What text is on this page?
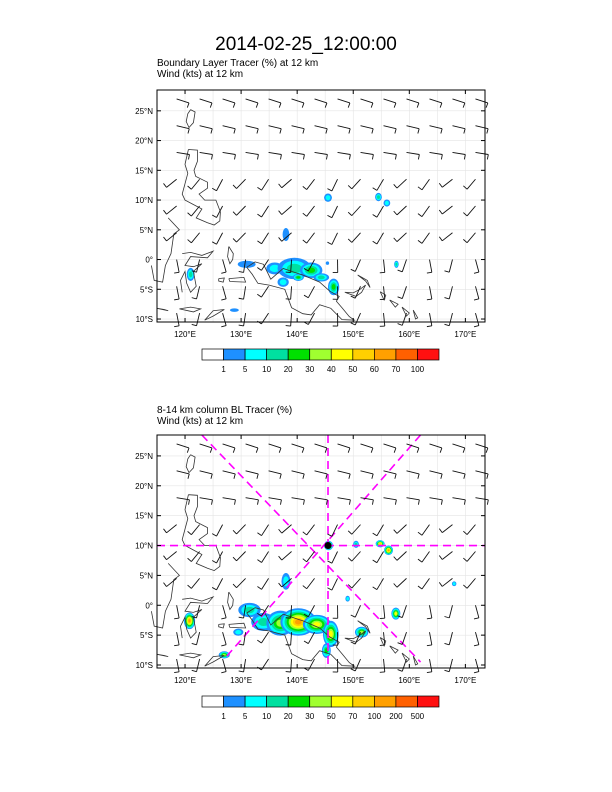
2014-02-25_12:00:00
Boundary Layer Tracer (%) at 12 km
Wind (kts) at 12 km
8-14 km column BL Tracer (%)
Wind (kts) at 12 km
25°N
20°N
15°N
10°N
5°N
0°
5°S
10°S
120°E	130°E	140°E	150°E	160°E	170°E
25°N
20°N
15°N
10°N
5°N
0°
5°S
10°S
120°E	130°E	140°E	150°E	160°E	170°E
1 5 10 20 30 40 50 60 70 100
1 5 10 20 30 50 70 100 200 500
